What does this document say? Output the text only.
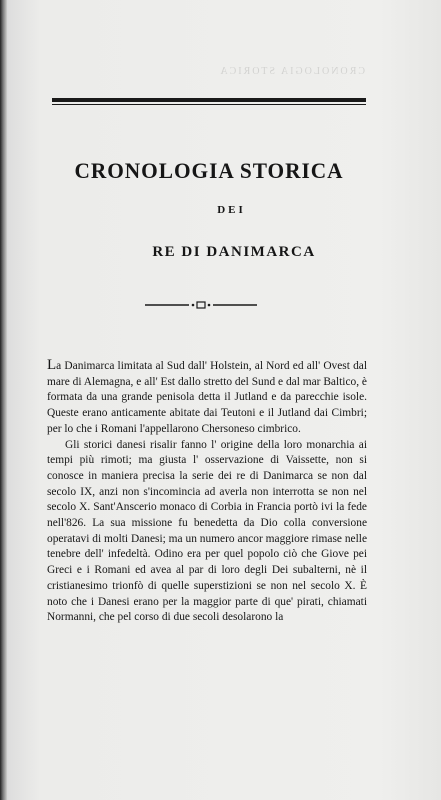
CRONOLOGIA STORICA
CRONOLOGIA STORICA
DEI
RE DI DANIMARCA

La Danimarca limitata al Sud dall' Holstein, al Nord ed all' Ovest dal mare di Alemagna, e all' Est dallo stretto del Sund e dal mar Baltico, è formata da una grande penisola detta il Jutland e da parecchie isole. Queste erano anticamente abitate dai Teutoni e il Jutland dai Cimbri; per lo che i Romani l'appellarono Chersoneso cimbrico.

Gli storici danesi risalir fanno l' origine della loro monarchia ai tempi più rimoti; ma giusta l' osservazione di Vaissette, non si conosce in maniera precisa la serie dei re di Danimarca se non dal secolo IX, anzi non s'incomincia ad averla non interrotta se non nel secolo X. Sant'Anscerio monaco di Corbia in Francia portò ivi la fede nell'826. La sua missione fu benedetta da Dio colla conversione operatavi di molti Danesi; ma un numero ancor maggiore rimase nelle tenebre dell' infedeltà. Odino era per quel popolo ciò che Giove pei Greci e i Romani ed avea al par di loro degli Dei subalterni, nè il cristianesimo trionfò di quelle superstizioni se non nel secolo X. È noto che i Danesi erano per la maggior parte di que' pirati, chiamati Normanni, che pel corso di due secoli desolarono la
